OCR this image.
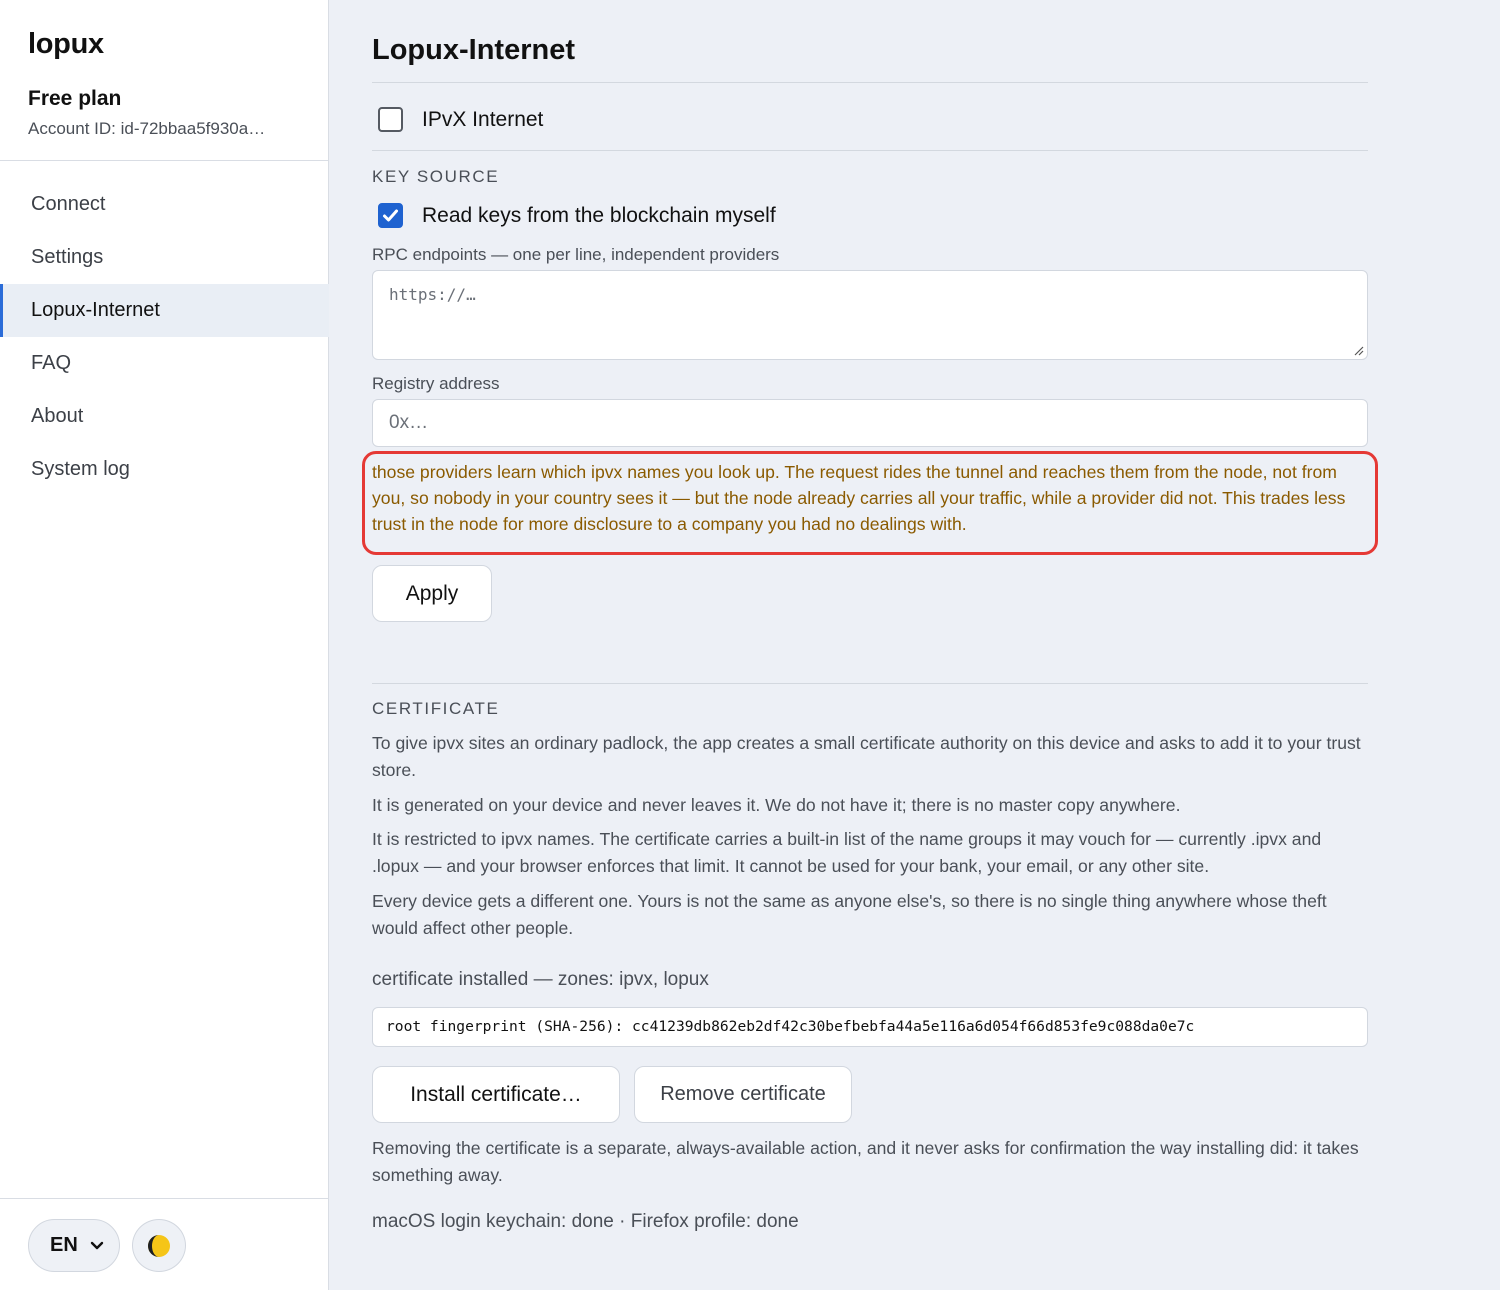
lopux
Free plan
Account ID: id-72bbaa5f930a…
Connect
Settings
Lopux-Internet
FAQ
About
System log
EN
Lopux-Internet
IPvX Internet
KEY SOURCE
Read keys from the blockchain myself
RPC endpoints — one per line, independent providers
https://…
Registry address
0x…

those providers learn which ipvx names you look up. The request rides the tunnel and reaches them from the node, not from you, so nobody in your country sees it — but the node already carries all your traffic, while a provider did not. This trades less trust in the node for more disclosure to a company you had no dealings with.

Apply
CERTIFICATE

To give ipvx sites an ordinary padlock, the app creates a small certificate authority on this device and asks to add it to your trust store.

It is generated on your device and never leaves it. We do not have it; there is no master copy anywhere.

It is restricted to ipvx names. The certificate carries a built-in list of the name groups it may vouch for — currently .ipvx and .lopux — and your browser enforces that limit. It cannot be used for your bank, your email, or any other site.

Every device gets a different one. Yours is not the same as anyone else's, so there is no single thing anywhere whose theft would affect other people.

certificate installed — zones: ipvx, lopux
root fingerprint (SHA-256): cc41239db862eb2df42c30befbebfa44a5e116a6d054f66d853fe9c088da0e7c
Install certificate…	Remove certificate

Removing the certificate is a separate, always-available action, and it never asks for confirmation the way installing did: it takes something away.

macOS login keychain: done · Firefox profile: done
